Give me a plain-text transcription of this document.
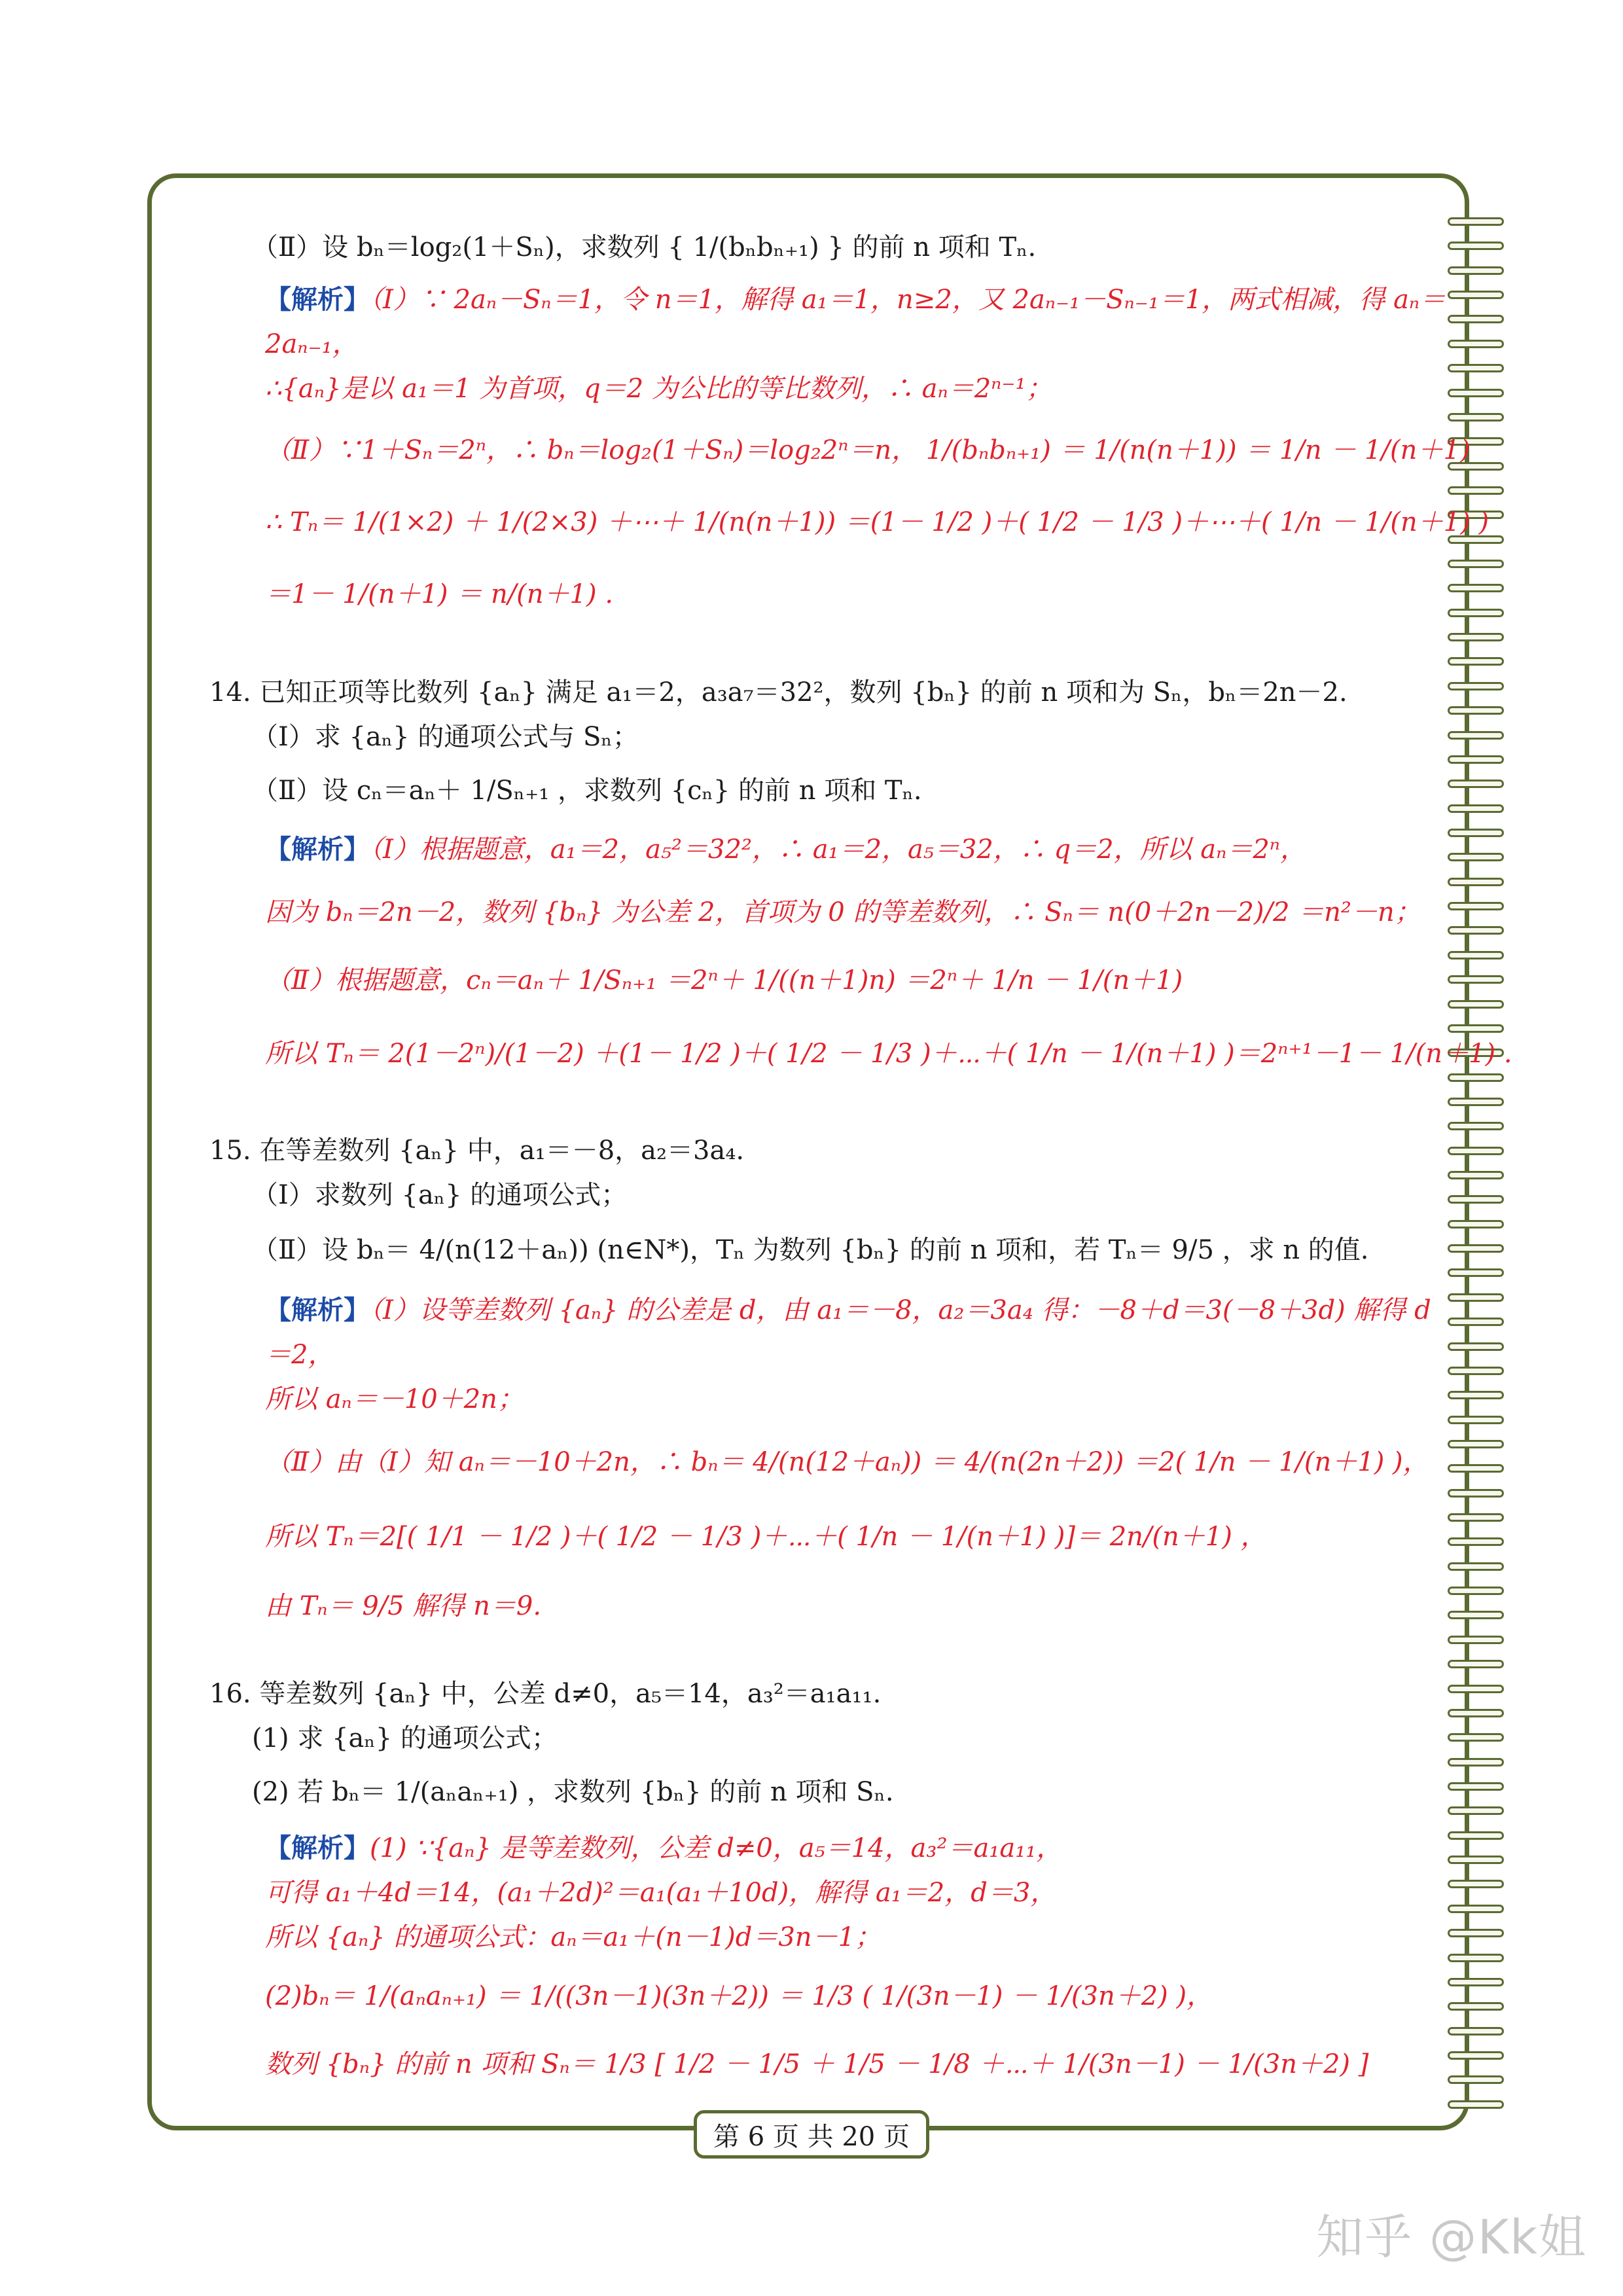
（Ⅱ）设 bₙ＝log₂(1＋Sₙ)，求数列 { 1/(bₙbₙ₊₁) } 的前 n 项和 Tₙ.
【解析】（Ⅰ）∵ 2aₙ－Sₙ＝1，令 n＝1，解得 a₁＝1，n≥2，又 2aₙ₋₁－Sₙ₋₁＝1，两式相减，得 aₙ＝
2aₙ₋₁，
∴{aₙ}是以 a₁＝1 为首项，q＝2 为公比的等比数列，∴ aₙ＝2ⁿ⁻¹；
（Ⅱ）∵1＋Sₙ＝2ⁿ，∴ bₙ＝log₂(1＋Sₙ)＝log₂2ⁿ＝n， 1/(bₙbₙ₊₁) ＝ 1/(n(n＋1)) ＝ 1/n － 1/(n＋1)
∴ Tₙ＝ 1/(1×2) ＋ 1/(2×3) ＋⋯＋ 1/(n(n＋1)) ＝(1－ 1/2 )＋( 1/2 － 1/3 )＋⋯＋( 1/n － 1/(n＋1) )
＝1－ 1/(n＋1) ＝ n/(n＋1) .
14. 已知正项等比数列 {aₙ} 满足 a₁＝2，a₃a₇＝32²，数列 {bₙ} 的前 n 项和为 Sₙ，bₙ＝2n－2.
（Ⅰ）求 {aₙ} 的通项公式与 Sₙ；
（Ⅱ）设 cₙ＝aₙ＋ 1/Sₙ₊₁ ，求数列 {cₙ} 的前 n 项和 Tₙ.
【解析】（Ⅰ）根据题意，a₁＝2，a₅²＝32²，∴ a₁＝2，a₅＝32，∴ q＝2，所以 aₙ＝2ⁿ，
因为 bₙ＝2n－2，数列 {bₙ} 为公差 2，首项为 0 的等差数列，∴ Sₙ＝ n(0＋2n－2)/2 ＝n²－n；
（Ⅱ）根据题意，cₙ＝aₙ＋ 1/Sₙ₊₁ ＝2ⁿ＋ 1/((n＋1)n) ＝2ⁿ＋ 1/n － 1/(n＋1)
所以 Tₙ＝ 2(1－2ⁿ)/(1－2) ＋(1－ 1/2 )＋( 1/2 － 1/3 )＋⋯＋( 1/n － 1/(n＋1) )＝2ⁿ⁺¹－1－ 1/(n＋1) .
15. 在等差数列 {aₙ} 中，a₁＝－8，a₂＝3a₄.
（Ⅰ）求数列 {aₙ} 的通项公式；
（Ⅱ）设 bₙ＝ 4/(n(12＋aₙ)) (n∈N*)，Tₙ 为数列 {bₙ} 的前 n 项和，若 Tₙ＝ 9/5 ，求 n 的值.
【解析】（Ⅰ）设等差数列 {aₙ} 的公差是 d，由 a₁＝－8，a₂＝3a₄ 得：－8＋d＝3(－8＋3d) 解得 d
＝2，
所以 aₙ＝－10＋2n；
（Ⅱ）由（Ⅰ）知 aₙ＝－10＋2n，∴ bₙ＝ 4/(n(12＋aₙ)) ＝ 4/(n(2n＋2)) ＝2( 1/n － 1/(n＋1) )，
所以 Tₙ＝2[( 1/1 － 1/2 )＋( 1/2 － 1/3 )＋⋯＋( 1/n － 1/(n＋1) )]＝ 2n/(n＋1) ，
由 Tₙ＝ 9/5 解得 n＝9.
16. 等差数列 {aₙ} 中，公差 d≠0，a₅＝14，a₃²＝a₁a₁₁.
(1) 求 {aₙ} 的通项公式；
(2) 若 bₙ＝ 1/(aₙaₙ₊₁) ，求数列 {bₙ} 的前 n 项和 Sₙ.
【解析】(1) ∵{aₙ} 是等差数列，公差 d≠0，a₅＝14，a₃²＝a₁a₁₁，
可得 a₁＋4d＝14，(a₁＋2d)²＝a₁(a₁＋10d)，解得 a₁＝2，d＝3，
所以 {aₙ} 的通项公式：aₙ＝a₁＋(n－1)d＝3n－1；
(2)bₙ＝ 1/(aₙaₙ₊₁) ＝ 1/((3n－1)(3n＋2)) ＝ 1/3 ( 1/(3n－1) － 1/(3n＋2) )，
数列 {bₙ} 的前 n 项和 Sₙ＝ 1/3 [ 1/2 － 1/5 ＋ 1/5 － 1/8 ＋⋯＋ 1/(3n－1) － 1/(3n＋2) ]
第 6 页 共 20 页
知乎 @Kk姐
